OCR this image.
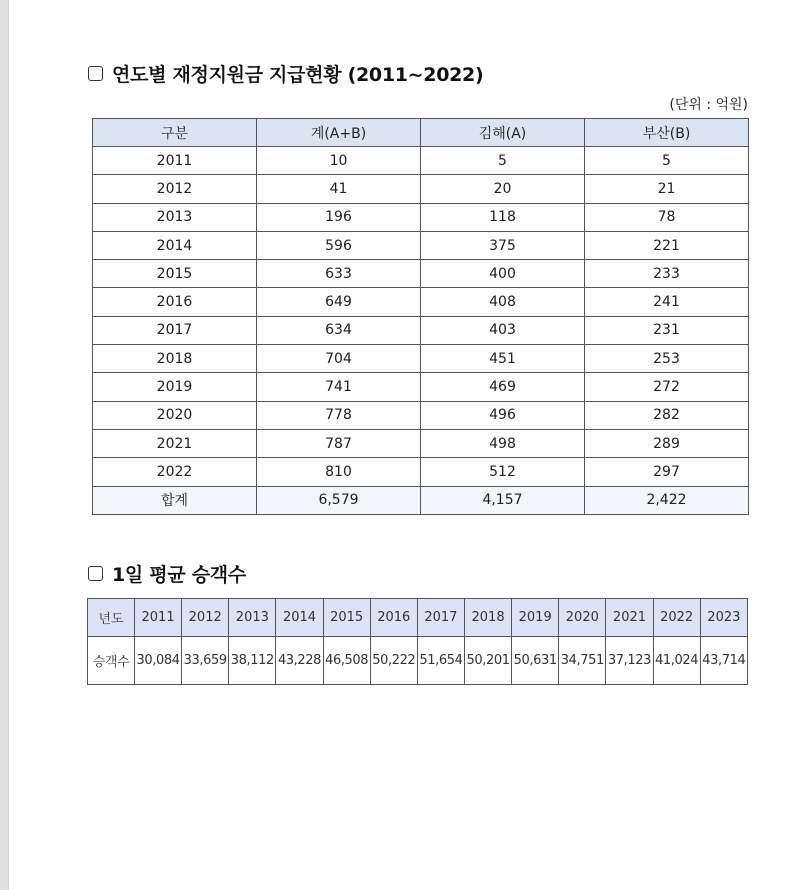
연도별 재정지원금 지급현황 (2011~2022)
(단위 : 억원)
구분	계(A+B)	김해(A)	부산(B)
2011	10	5	5
2012	41	20	21
2013	196	118	78
2014	596	375	221
2015	633	400	233
2016	649	408	241
2017	634	403	231
2018	704	451	253
2019	741	469	272
2020	778	496	282
2021	787	498	289
2022	810	512	297
합계	6,579	4,157	2,422
1일 평균 승객수
년도	2011	2012	2013	2014	2015	2016	2017	2018	2019	2020	2021	2022	2023
승객수	30,084	33,659	38,112	43,228	46,508	50,222	51,654	50,201	50,631	34,751	37,123	41,024	43,714
